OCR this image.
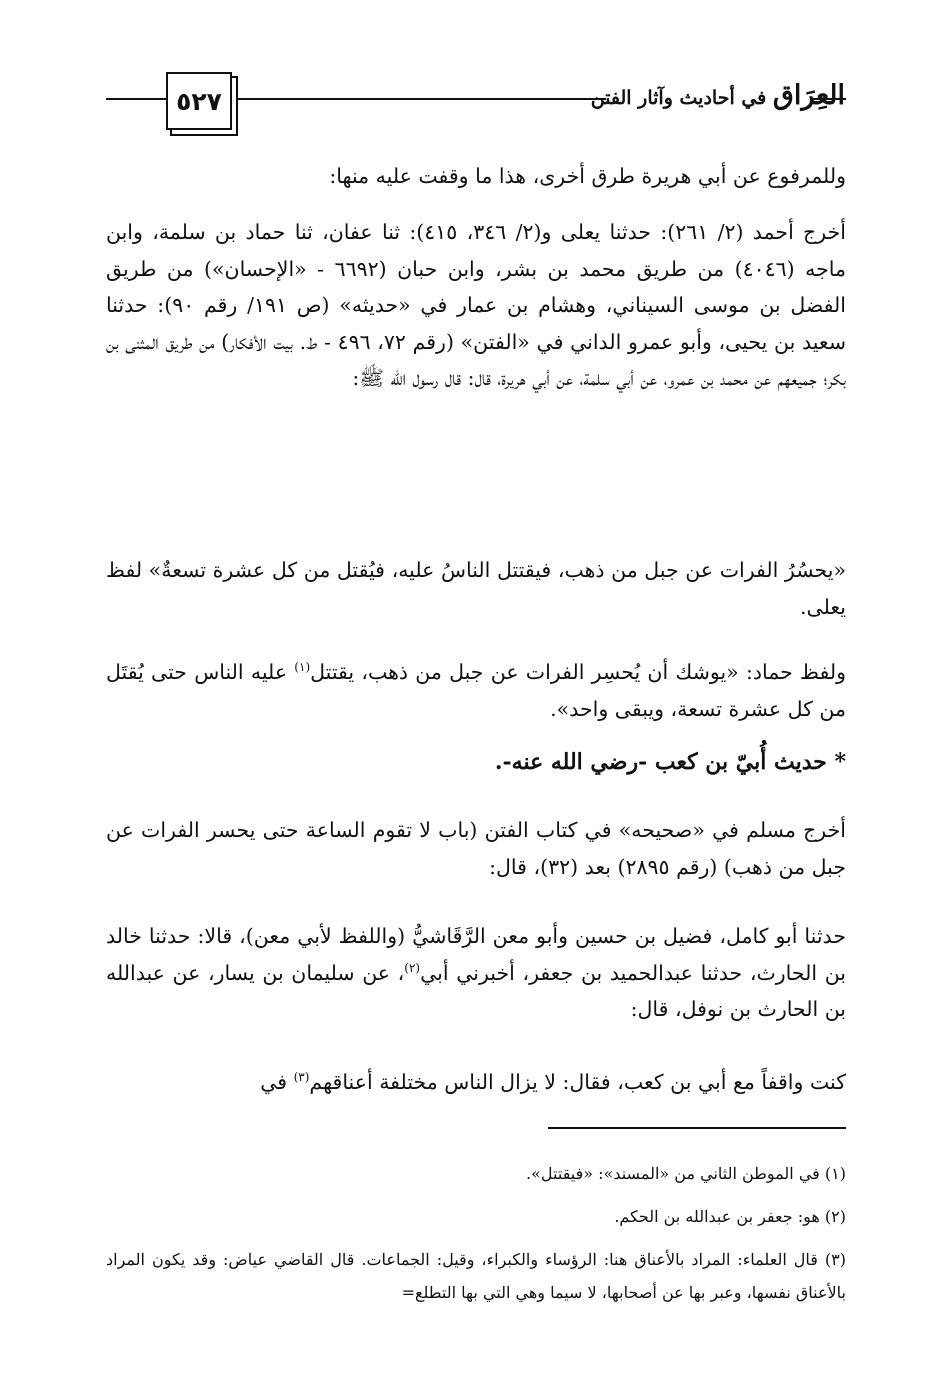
٥٢٧	العِرَاق في أحاديث وآثار الفتن
وللمرفوع عن أبي هريرة طرق أخرى، هذا ما وقفت عليه منها:
أخرج أحمد (٢/ ٢٦١): حدثنا يعلى و(٢/ ٣٤٦، ٤١٥): ثنا عفان، ثنا حماد بن سلمة، وابن ماجه (٤٠٤٦) من طريق محمد بن بشر، وابن حبان (٦٦٩٢ - «الإحسان») من طريق الفضل بن موسى السيناني، وهشام بن عمار في «حديثه» (ص ١٩١/ رقم ٩٠): حدثنا سعيد بن يحيى، وأبو عمرو الداني في «الفتن» (رقم ٧٢، ٤٩٦ - ط. بيت الأفكار) من طريق المثنى بن بكر؛ جميعهم عن محمد بن عمرو، عن أبي سلمة، عن أبي هريرة، قال: قال رسول الله ﷺ:
«يحسُرُ الفرات عن جبل من ذهب، فيقتتل الناسُ عليه، فيُقتل من كل عشرة تسعةٌ» لفظ يعلى.
ولفظ حماد: «يوشك أن يُحسِر الفرات عن جبل من ذهب، يقتتل$^{(١)}$ عليه الناس حتى يُقتَل من كل عشرة تسعة، ويبقى واحد».
* حديث أُبيّ بن كعب -رضي الله عنه-.
أخرج مسلم في «صحيحه» في كتاب الفتن (باب لا تقوم الساعة حتى يحسر الفرات عن جبل من ذهب) (رقم ٢٨٩٥) بعد (٣٢)، قال:
حدثنا أبو كامل، فضيل بن حسين وأبو معن الرَّقَاشيُّ (واللفظ لأبي معن)، قالا: حدثنا خالد بن الحارث، حدثنا عبدالحميد بن جعفر، أخبرني أبي$^{(٢)}$، عن سليمان بن يسار، عن عبدالله بن الحارث بن نوفل، قال:
كنت واقفاً مع أبي بن كعب، فقال: لا يزال الناس مختلفة أعناقهم$^{(٣)}$ في
(١) في الموطن الثاني من «المسند»: «فيقتتل».
(٢) هو: جعفر بن عبدالله بن الحكم.
(٣) قال العلماء: المراد بالأعناق هنا: الرؤساء والكبراء، وقيل: الجماعات. قال القاضي عياض: وقد يكون المراد بالأعناق نفسها، وعبر بها عن أصحابها، لا سيما وهي التي بها التطلع=
